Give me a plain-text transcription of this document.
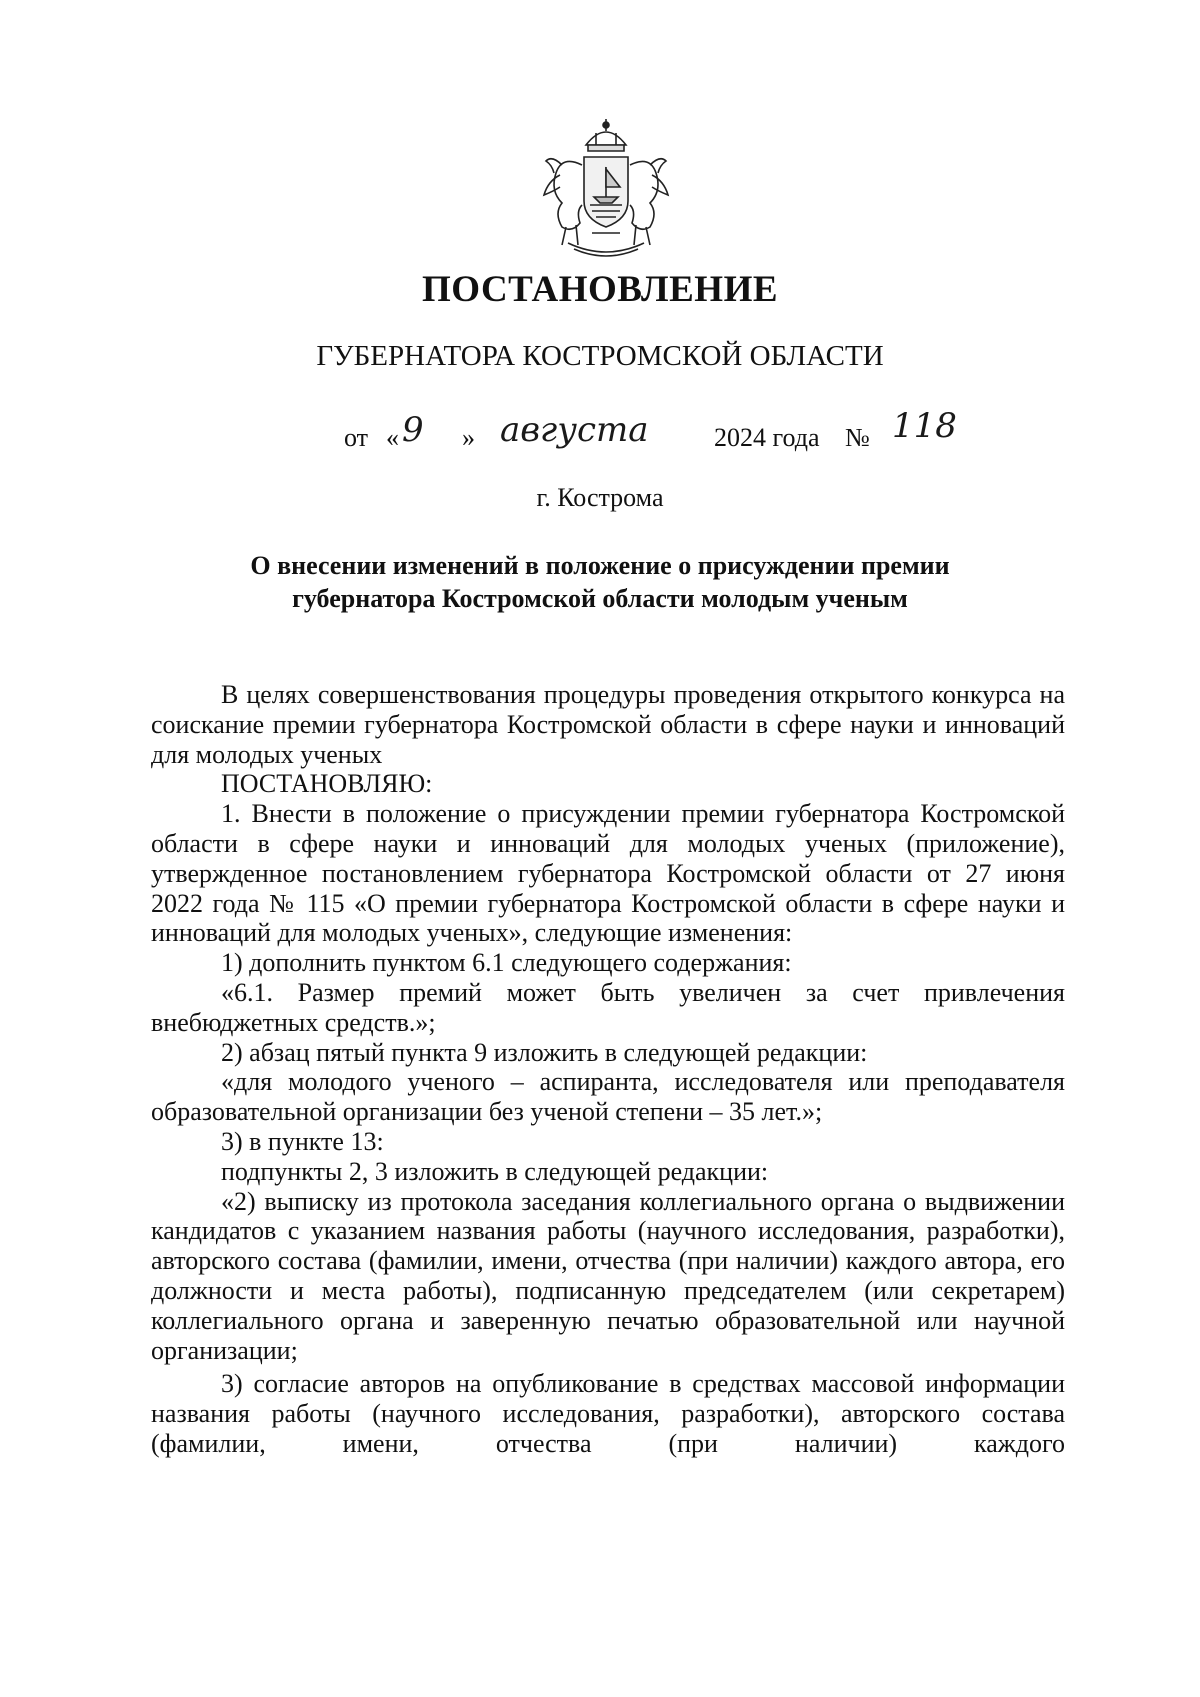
ПОСТАНОВЛЕНИЕ
ГУБЕРНАТОРА КОСТРОМСКОЙ ОБЛАСТИ
от « 9 » августа	2024 года № 118
г. Кострома
О внесении изменений в положение о присуждении премии
губернатора Костромской области молодым ученым

В целях совершенствования процедуры проведения открытого конкурса на соискание премии губернатора Костромской области в сфере науки и инноваций для молодых ученых

ПОСТАНОВЛЯЮ:

1. Внести в положение о присуждении премии губернатора Костромской области в сфере науки и инноваций для молодых ученых (приложение), утвержденное постановлением губернатора Костромской области от 27 июня 2022 года № 115 «О премии губернатора Костромской области в сфере науки и инноваций для молодых ученых», следующие изменения:

1) дополнить пунктом 6.1 следующего содержания:

«6.1. Размер премий может быть увеличен за счет привлечения внебюджетных средств.»;

2) абзац пятый пункта 9 изложить в следующей редакции:

«для молодого ученого – аспиранта, исследователя или преподавателя образовательной организации без ученой степени – 35 лет.»;

3) в пункте 13:

подпункты 2, 3 изложить в следующей редакции:

«2) выписку из протокола заседания коллегиального органа о выдвижении кандидатов с указанием названия работы (научного исследования, разработки), авторского состава (фамилии, имени, отчества (при наличии) каждого автора, его должности и места работы), подписанную председателем (или секретарем) коллегиального органа и заверенную печатью образовательной или научной организации;

3) согласие авторов на опубликование в средствах массовой информации названия работы (научного исследования, разработки), авторского состава (фамилии, имени, отчества (при наличии) каждого
